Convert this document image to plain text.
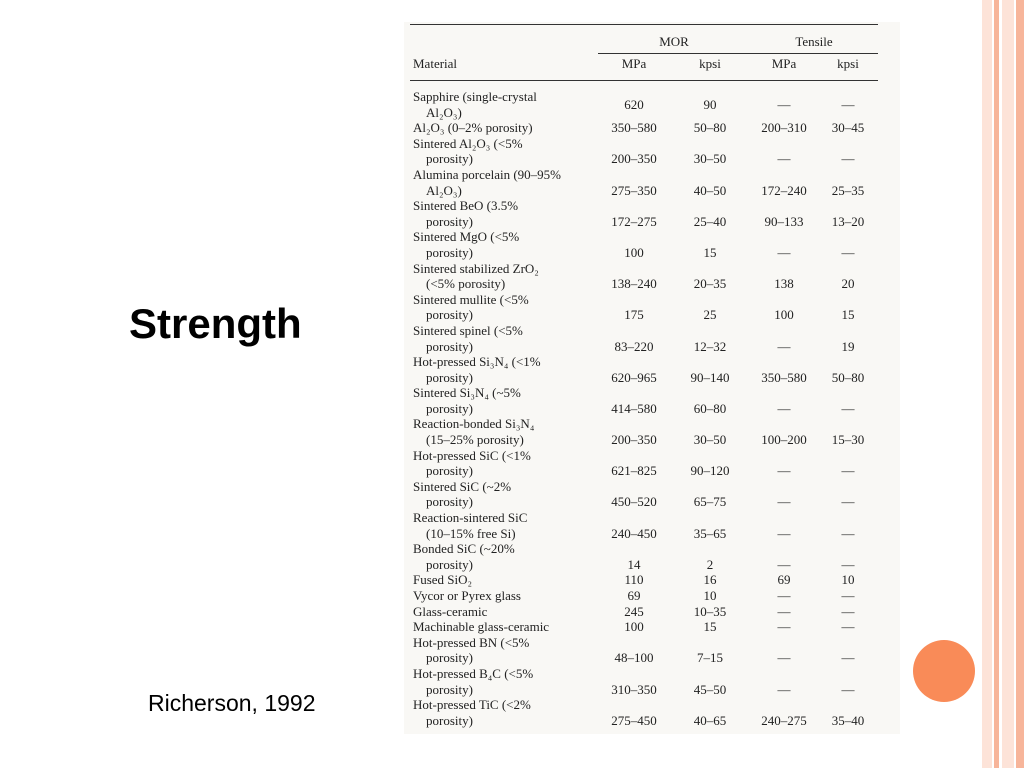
Strength
Richerson, 1992
Material	MOR		Tensile	
	MPa	kpsi	MPa	kpsi

Sapphire (single-crystal
Al₂O₃)	620	90	—	—

Al₂O₃ (0–2% porosity)	350–580	50–80	200–310	30–45

Sintered Al₂O₃ (<5%
porosity)	200–350	30–50	—	—

Alumina porcelain (90–95%
Al₂O₃)	275–350	40–50	172–240	25–35

Sintered BeO (3.5%
porosity)	172–275	25–40	90–133	13–20

Sintered MgO (<5%
porosity)	100	15	—	—

Sintered stabilized ZrO₂
(<5% porosity)	138–240	20–35	138	20

Sintered mullite (<5%
porosity)	175	25	100	15

Sintered spinel (<5%
porosity)	83–220	12–32	—	19

Hot-pressed Si₃N₄ (<1%
porosity)	620–965	90–140	350–580	50–80

Sintered Si₃N₄ (~5%
porosity)	414–580	60–80	—	—

Reaction-bonded Si₃N₄
(15–25% porosity)	200–350	30–50	100–200	15–30

Hot-pressed SiC (<1%
porosity)	621–825	90–120	—	—

Sintered SiC (~2%
porosity)	450–520	65–75	—	—

Reaction-sintered SiC
(10–15% free Si)	240–450	35–65	—	—

Bonded SiC (~20%
porosity)	14	2	—	—

Fused SiO₂	110	16	69	10

Vycor or Pyrex glass	69	10	—	—

Glass-ceramic	245	10–35	—	—

Machinable glass-ceramic	100	15	—	—

Hot-pressed BN (<5%
porosity)	48–100	7–15	—	—

Hot-pressed B₄C (<5%
porosity)	310–350	45–50	—	—

Hot-pressed TiC (<2%
porosity)	275–450	40–65	240–275	35–40
